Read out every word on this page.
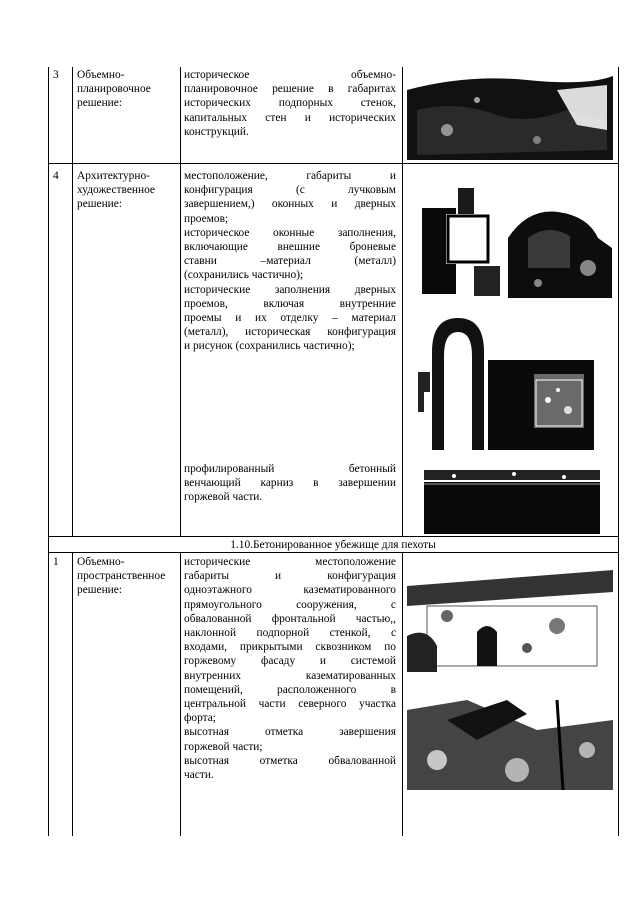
3 Объемно-
планировочное
решение:
историческое объемно-
планировочное решение в габаритах
исторических подпорных стенок,
капитальных стен и исторических
конструкций.
4 Архитектурно-
художественное
решение:
местоположение, габариты и
конфигурация (с лучковым
завершением,) оконных и дверных
проемов;
историческое оконные заполнения,
включающие внешние броневые
ставни –материал (металл)
(сохранились частично);
исторические заполнения дверных
проемов, включая внутренние
проемы и их отделку – материал
(металл), историческая конфигурация
и рисунок (сохранились частично);
профилированный бетонный
венчающий карниз в завершении
горжевой части.
1.10.Бетонированное убежище для пехоты
1 Объемно-
пространственное
решение:
исторические местоположение
габариты и конфигурация
одноэтажного казематированного
прямоугольного сооружения, с
обвалованной фронтальной частью,,
наклонной подпорной стенкой, с
входами, прикрытыми сквозником по
горжевому фасаду и системой
внутренних казематированных
помещений, расположенного в
центральной части северного участка
форта;
высотная отметка завершения
горжевой части;
высотная отметка обвалованной
части.
